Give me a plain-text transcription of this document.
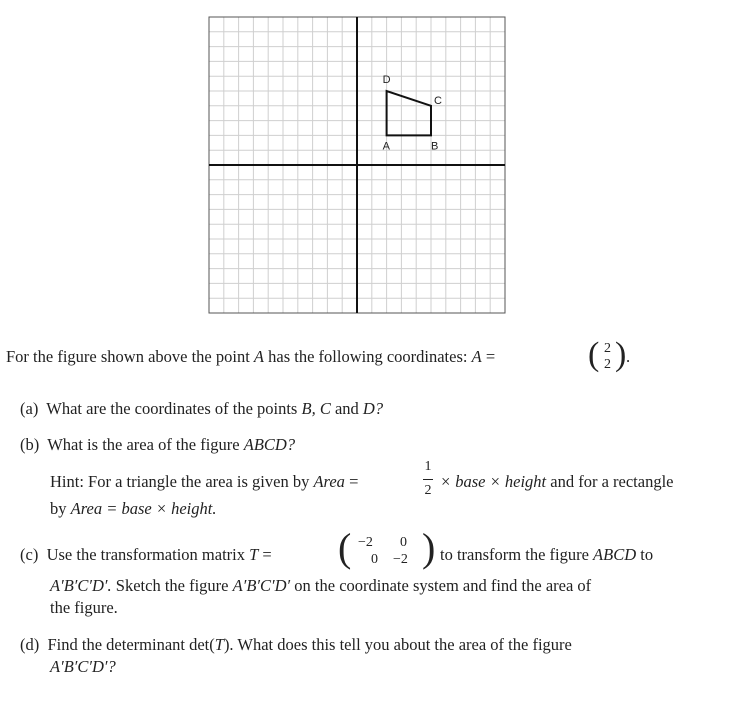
A	B
C
D
For the figure shown above the point A has the following coordinates: A =	( 2
2 ) .
(a) What are the coordinates of the points B, C and D?
(b) What is the area of the figure ABCD?
Hint: For a triangle the area is given by Area =
1
2 × base × height and for a rectangle
by Area = base × height.
(c) Use the transformation matrix T = ( −2 0
0 −2 ) to transform the figure ABCD to
A′B′C′D′. Sketch the figure A′B′C′D′ on the coordinate system and find the area of
the figure.
(d) Find the determinant det(T). What does this tell you about the area of the figure
A′B′C′D′?
